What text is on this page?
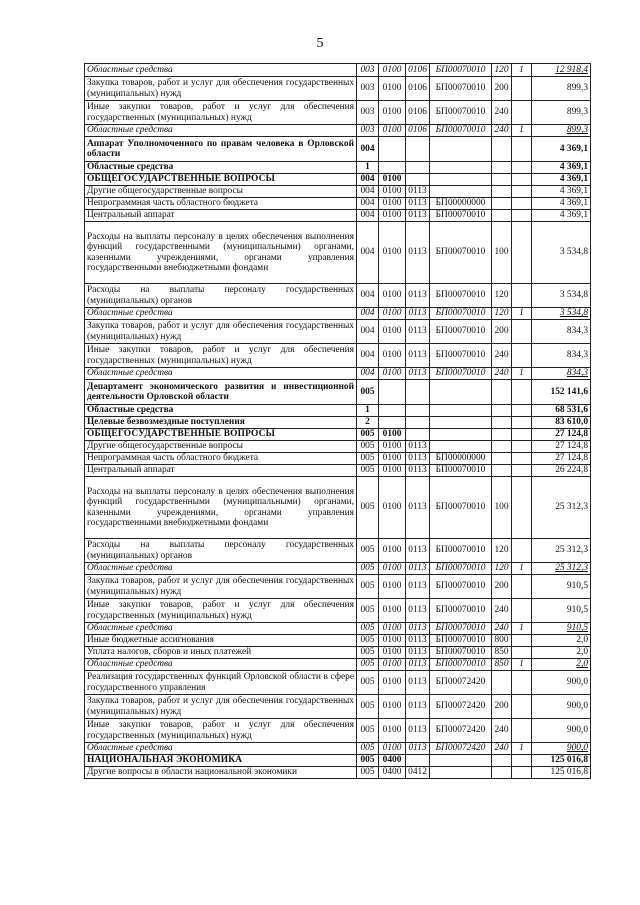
5
Областные средства	003	0100	0106	БП00070010	120	1	12 918,4
Закупка товаров, работ и услуг для обеспечения государственных (муниципальных) нужд	003	0100	0106	БП00070010	200		899,3
Иные закупки товаров, работ и услуг для обеспечения государственных (муниципальных) нужд	003	0100	0106	БП00070010	240		899,3
Областные средства	003	0100	0106	БП00070010	240	1	899,3
Аппарат Уполномоченного по правам человека в Орловской области	004						4 369,1
Областные средства	1						4 369,1
ОБЩЕГОСУДАРСТВЕННЫЕ ВОПРОСЫ	004	0100					4 369,1
Другие общегосударственные вопросы	004	0100	0113				4 369,1
Непрограммная часть областного бюджета	004	0100	0113	БП00000000			4 369,1
Центральный аппарат	004	0100	0113	БП00070010			4 369,1
Расходы на выплаты персоналу в целях обеспечения выполнения функций государственными (муниципальными) органами, казенными учреждениями, органами управления государственными внебюджетными фондами	004	0100	0113	БП00070010	100		3 534,8
Расходы на выплаты персоналу государственных (муниципальных) органов	004	0100	0113	БП00070010	120		3 534,8
Областные средства	004	0100	0113	БП00070010	120	1	3 534,8
Закупка товаров, работ и услуг для обеспечения государственных (муниципальных) нужд	004	0100	0113	БП00070010	200		834,3
Иные закупки товаров, работ и услуг для обеспечения государственных (муниципальных) нужд	004	0100	0113	БП00070010	240		834,3
Областные средства	004	0100	0113	БП00070010	240	1	834,3
Департамент экономического развития и инвестиционной деятельности Орловской области	005						152 141,6
Областные средства	1						68 531,6
Целевые безвозмездные поступления	2						83 610,0
ОБЩЕГОСУДАРСТВЕННЫЕ ВОПРОСЫ	005	0100					27 124,8
Другие общегосударственные вопросы	005	0100	0113				27 124,8
Непрограммная часть областного бюджета	005	0100	0113	БП00000000			27 124,8
Центральный аппарат	005	0100	0113	БП00070010			26 224,8
Расходы на выплаты персоналу в целях обеспечения выполнения функций государственными (муниципальными) органами, казенными учреждениями, органами управления государственными внебюджетными фондами	005	0100	0113	БП00070010	100		25 312,3
Расходы на выплаты персоналу государственных (муниципальных) органов	005	0100	0113	БП00070010	120		25 312,3
Областные средства	005	0100	0113	БП00070010	120	1	25 312,3
Закупка товаров, работ и услуг для обеспечения государственных (муниципальных) нужд	005	0100	0113	БП00070010	200		910,5
Иные закупки товаров, работ и услуг для обеспечения государственных (муниципальных) нужд	005	0100	0113	БП00070010	240		910,5
Областные средства	005	0100	0113	БП00070010	240	1	910,5
Иные бюджетные ассигнования	005	0100	0113	БП00070010	800		2,0
Уплата налогов, сборов и иных платежей	005	0100	0113	БП00070010	850		2,0
Областные средства	005	0100	0113	БП00070010	850	1	2,0
Реализация государственных функций Орловской области в сфере государственного управления	005	0100	0113	БП00072420			900,0
Закупка товаров, работ и услуг для обеспечения государственных (муниципальных) нужд	005	0100	0113	БП00072420	200		900,0
Иные закупки товаров, работ и услуг для обеспечения государственных (муниципальных) нужд	005	0100	0113	БП00072420	240		900,0
Областные средства	005	0100	0113	БП00072420	240	1	900,0
НАЦИОНАЛЬНАЯ ЭКОНОМИКА	005	0400					125 016,8
Другие вопросы в области национальной экономики	005	0400	0412				125 016,8
